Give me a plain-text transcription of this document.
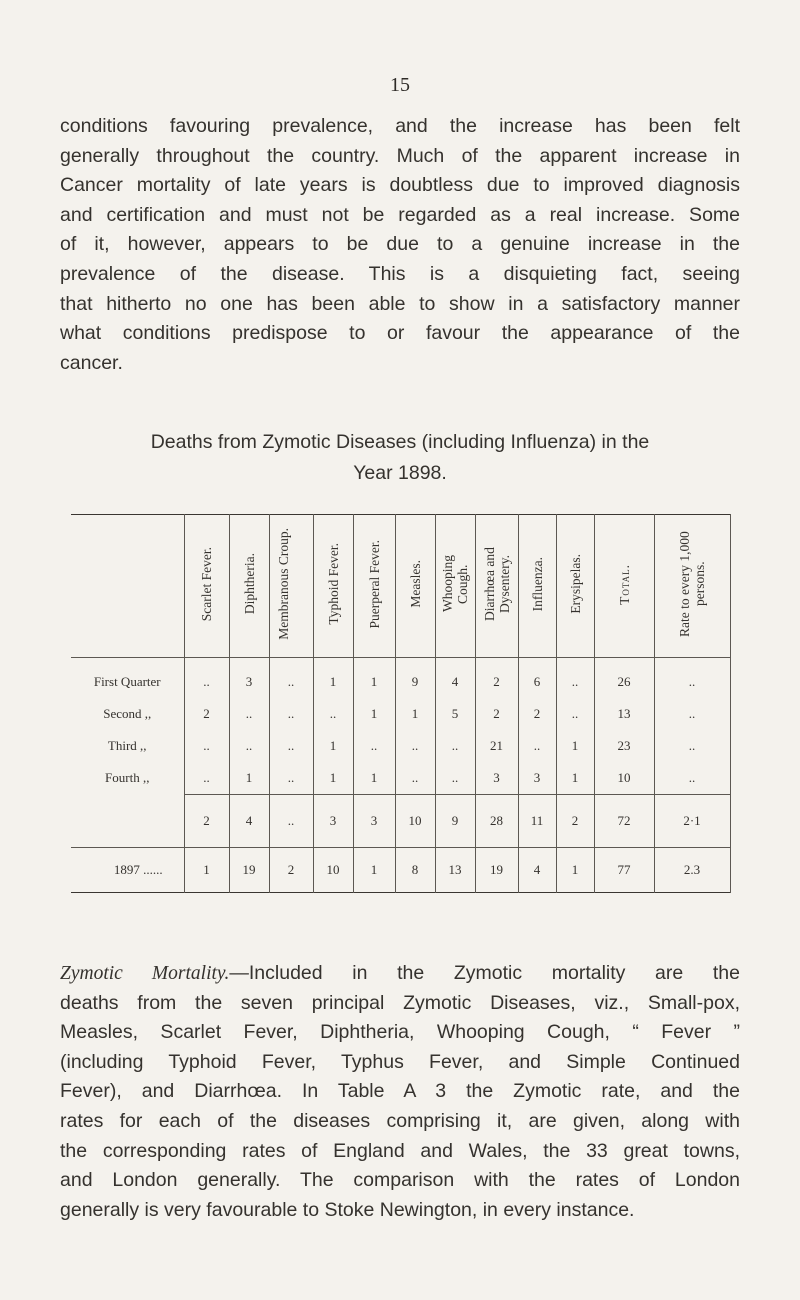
15
conditions favouring prevalence, and the increase has been felt
generally throughout the country. Much of the apparent increase in
Cancer mortality of late years is doubtless due to improved diagnosis
and certification and must not be regarded as a real increase. Some
of it, however, appears to be due to a genuine increase in the
prevalence of the disease. This is a disquieting fact, seeing
that hitherto no one has been able to show in a satisfactory manner
what conditions predispose to or favour the appearance of the
cancer.
Deaths from Zymotic Diseases (including Influenza) in the
Year 1898.
	Scarlet Fever.	Diphtheria.	Membranous Croup.	Typhoid Fever.	Puerperal Fever.	Measles.	Whooping Cough.	Diarrhœa and Dysentery.	Influenza.	Erysipelas.	Total.	Rate to every 1,000 persons.
First Quarter	..	3	..	1	1	9	4	2	6	..	26	..
Second ,,	2	..	..	..	1	1	5	2	2	..	13	..
Third ,,	..	..	..	1	..	..	..	21	..	1	23	..
Fourth ,,	..	1	..	1	1	..	..	3	3	1	10	..
	2	4	..	3	3	10	9	28	11	2	72	2·1
1897 ......	1	19	2	10	1	8	13	19	4	1	77	2.3
Zymotic Mortality.—Included in the Zymotic mortality are the
deaths from the seven principal Zymotic Diseases, viz., Small-pox,
Measles, Scarlet Fever, Diphtheria, Whooping Cough, “ Fever ”
(including Typhoid Fever, Typhus Fever, and Simple Continued
Fever), and Diarrhœa. In Table A 3 the Zymotic rate, and the
rates for each of the diseases comprising it, are given, along with
the corresponding rates of England and Wales, the 33 great towns,
and London generally. The comparison with the rates of London
generally is very favourable to Stoke Newington, in every instance.
